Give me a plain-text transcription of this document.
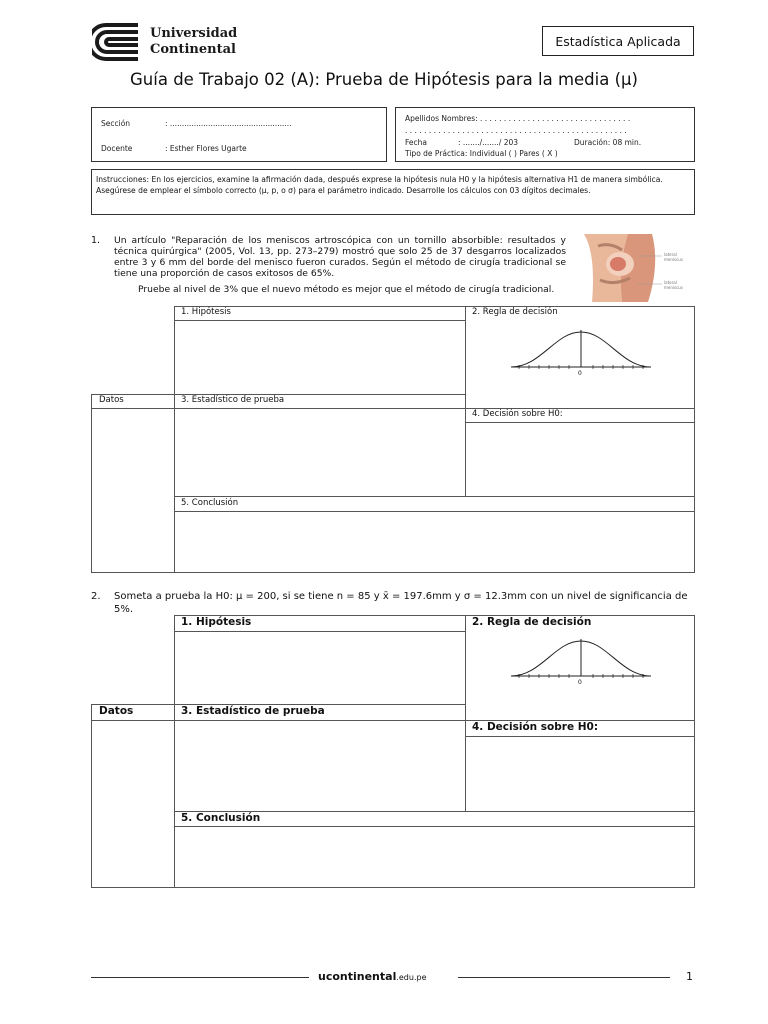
Universidad
Continental
Estadística Aplicada
Guía de Trabajo 02 (A): Prueba de Hipótesis para la media (μ)
Sección	: ...................................................
Docente	: Esther Flores Ugarte
Apellidos Nombres: . . . . . . . . . . . . . . . . . . . . . . . . . . . . . . . .
. . . . . . . . . . . . . . . . . . . . . . . . . . . . . . . . . . . . . . . . . . . . . . .
Fecha	: ......./......./ 203	Duración: 08 min.
Tipo de Práctica: Individual ( ) Pares ( X )
Instrucciones: En los ejercicios, examine la afirmación dada, después exprese la hipótesis nula H0 y la hipótesis alternativa H1 de manera simbólica. Asegúrese de emplear el símbolo correcto (μ, p, o σ) para el parámetro indicado. Desarrolle los cálculos con 03 dígitos decimales.
1. Un artículo "Reparación de los meniscos artroscópica con un tornillo absorbible: resultados y técnica quirúrgica" (2005, Vol. 13, pp. 273–279) mostró que solo 25 de 37 desgarros localizados entre 3 y 6 mm del borde del menisco fueron curados. Según el método de cirugía tradicional se tiene una proporción de casos exitosos de 65%.
Pruebe al nivel de 3% que el nuevo método es mejor que el método de cirugía tradicional.
lateral meniscus
lateral meniscus
1. Hipótesis	2. Regla de decisión
Datos	3. Estadístico de prueba
4. Decisión sobre H0:
5. Conclusión
0
2. Someta a prueba la H0: μ = 200, si se tiene n = 85 y x̄ = 197.6mm y σ = 12.3mm con un nivel de significancia de 5%.
1. Hipótesis	2. Regla de decisión
Datos	3. Estadístico de prueba
4. Decisión sobre H0:
5. Conclusión
0
ucontinental.edu.pe	1
